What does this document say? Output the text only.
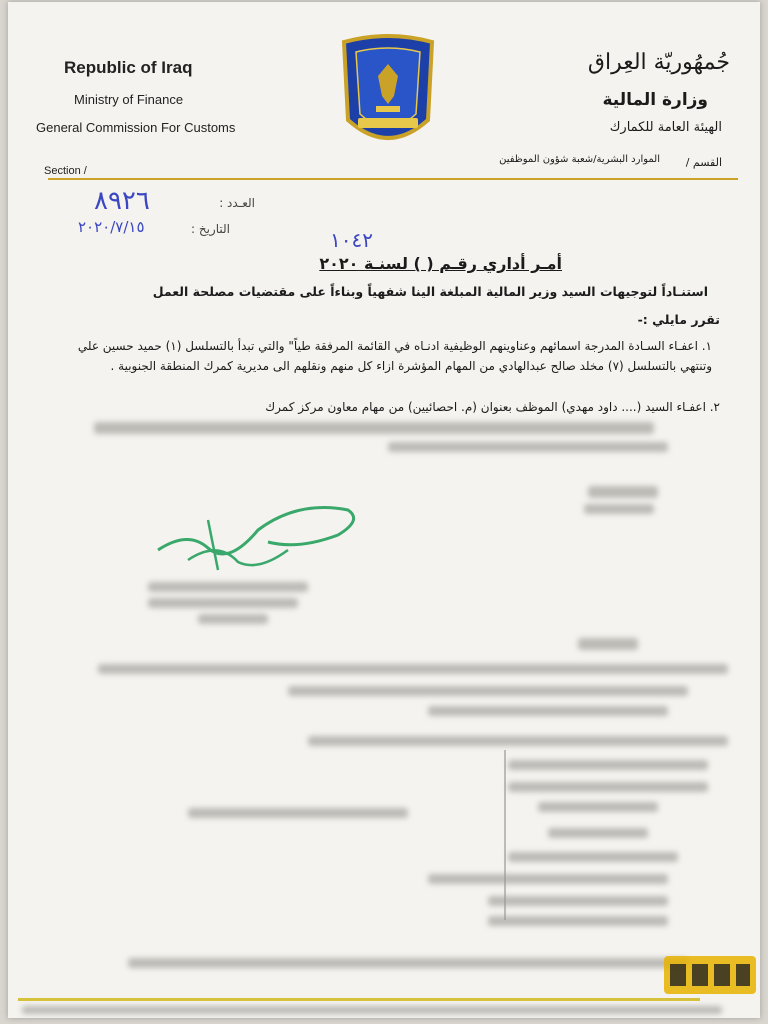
Republic of Iraq
Ministry of Finance
General Commission For Customs
جُمهُوريّة العِراق
وزارة المالية
الهيئة العامة للكمارك
Section /
الموارد البشرية/شعبة شؤون الموظفين القسم /
العـدد :
٨٩٢٦
التاريخ :
٢٠٢٠/٧/١٥
١٠٤٢
أمـر أداري رقـم ( ) لسنـة ٢٠٢٠
استنـاداً لتوجيهات السيد وزير المالية المبلغة الينا شفهياً وبناءاً على مقتضيات مصلحة العمل
تقرر مايلي :-
١. اعفـاء السـادة المدرجة اسمائهم وعناوينهم الوظيفية ادنـاه في القائمة المرفقة طياً" والتي تبدأ بالتسلسل (١) حميد حسين علي وتنتهي بالتسلسل (٧) مخلد صالح عبدالهادي من المهام المؤشرة ازاء كل منهم ونقلهم الى مديرية كمرك المنطقة الجنوبية .
٢. اعفـاء السيد (.... داود مهدي) الموظف بعنوان (م. احصائيين) من مهام معاون مركز كمرك
